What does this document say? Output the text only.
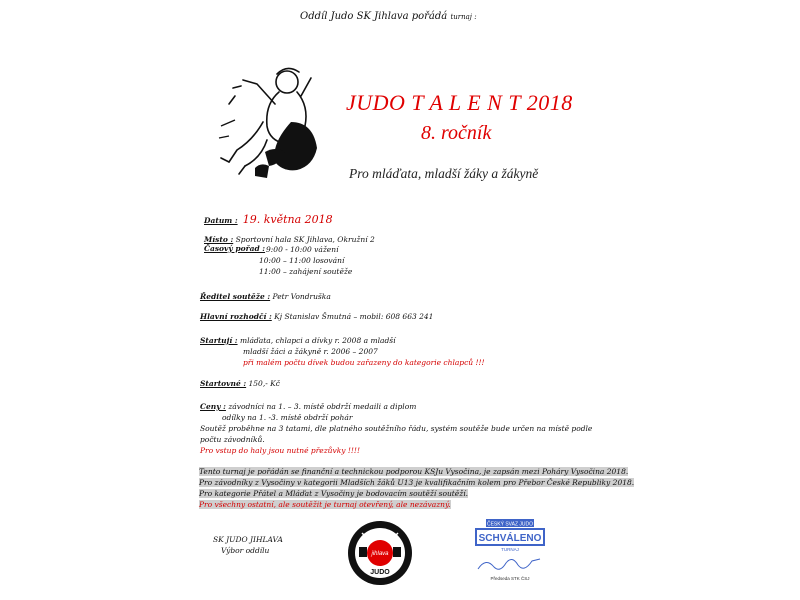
Oddíl Judo SK Jihlava pořádá turnaj :
JUDO T A L E N T 2018
8. ročník
Pro mláďata, mladší žáky a žákyně
Datum : 19. května 2018
Místo : Sportovní hala SK Jihlava, Okružní 2
Časový pořad : 9:00 - 10:00 vážení
10:00 – 11:00 losování
11:00 – zahájení soutěže
Ředitel soutěže : Petr Vondruška
Hlavní rozhodčí : Kj Stanislav Šmutná – mobil: 608 663 241
Startují : mláďata, chlapci a dívky r. 2008 a mladší
mladší žáci a žákyně r. 2006 – 2007
při malém počtu dívek budou zařazeny do kategorie chlapců !!!
Startovné : 150,- Kč
Ceny : závodníci na 1. – 3. místě obdrží medaili a diplom
odílky na 1. -3. místě obdrží pohár
Soutěž proběhne na 3 tatami, dle platného soutěžního řádu, systém soutěže bude určen na místě podle
počtu závodníků.
Pro vstup do haly jsou nutné přezůvky !!!!
Tento turnaj je pořádán se finanční a technickou podporou KSJu Vysočina, je zapsán mezi Poháry Vysočina 2018.
Pro závodníky z Vysočiny v kategorii Mladších žáků U13 je kvalifikačním kolem pro Přebor České Republiky 2018.
Pro kategorie Přátel a Mláďat z Vysočiny je bodovacím soutěží soutěží.
Pro všechny ostatní, ale soutěžit je turnaj otevřený, ale nezávazný.
SK JUDO JIHLAVA
Výbor oddílu	jihlava
JUDO
ČESKÝ SVAZ JUDO
SCHVÁLENO
TURNAJ
Předseda STK ČSJ
